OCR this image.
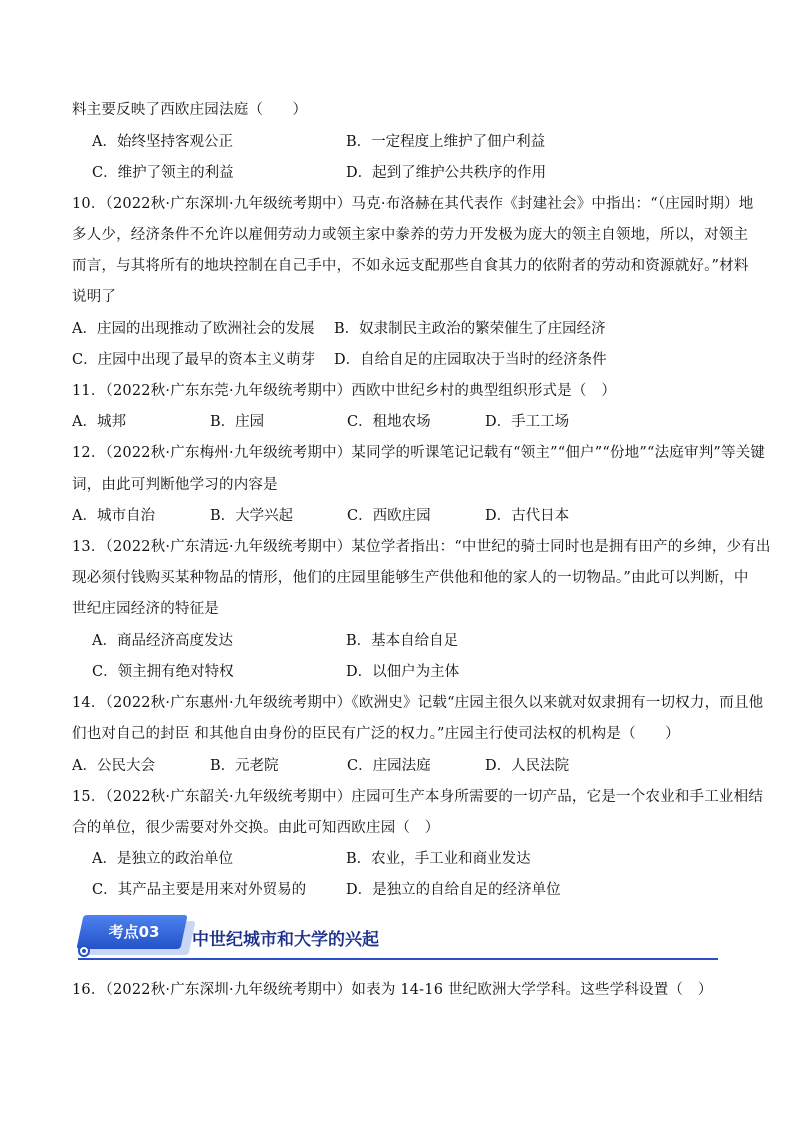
料主要反映了西欧庄园法庭（　　）
A．始终坚持客观公正	B．一定程度上维护了佃户利益
C．维护了领主的利益	D．起到了维护公共秩序的作用
10．（2022秋·广东深圳·九年级统考期中）马克·布洛赫在其代表作《封建社会》中指出：“（庄园时期）地
多人少，经济条件不允许以雇佣劳动力或领主家中豢养的劳力开发极为庞大的领主自领地，所以，对领主
而言，与其将所有的地块控制在自己手中，不如永远支配那些自食其力的依附者的劳动和资源就好。”材料
说明了
A．庄园的出现推动了欧洲社会的发展 B．奴隶制民主政治的繁荣催生了庄园经济
C．庄园中出现了最早的资本主义萌芽 D．自给自足的庄园取决于当时的经济条件
11．（2022秋·广东东莞·九年级统考期中）西欧中世纪乡村的典型组织形式是（　）
A．城邦	B．庄园	C．租地农场	D．手工工场
12．（2022秋·广东梅州·九年级统考期中）某同学的听课笔记记载有“领主”“佃户”“份地”“法庭审判”等关键
词，由此可判断他学习的内容是
A．城市自治	B．大学兴起	C．西欧庄园	D．古代日本
13．（2022秋·广东清远·九年级统考期中）某位学者指出：“中世纪的骑士同时也是拥有田产的乡绅，少有出
现必须付钱购买某种物品的情形，他们的庄园里能够生产供他和他的家人的一切物品。”由此可以判断，中
世纪庄园经济的特征是
A．商品经济高度发达	B．基本自给自足
C．领主拥有绝对特权	D．以佃户为主体
14．（2022秋·广东惠州·九年级统考期中）《欧洲史》记载“庄园主很久以来就对奴隶拥有一切权力，而且他
们也对自己的封臣 和其他自由身份的臣民有广泛的权力。”庄园主行使司法权的机构是（　　）
A．公民大会	B．元老院	C．庄园法庭	D．人民法院
15．（2022秋·广东韶关·九年级统考期中）庄园可生产本身所需要的一切产品，它是一个农业和手工业相结
合的单位，很少需要对外交换。由此可知西欧庄园（　）
A．是独立的政治单位	B．农业，手工业和商业发达
C．其产品主要是用来对外贸易的	D．是独立的自给自足的经济单位
考点03	中世纪城市和大学的兴起
16．（2022秋·广东深圳·九年级统考期中）如表为 14-16 世纪欧洲大学学科。这些学科设置（　）
